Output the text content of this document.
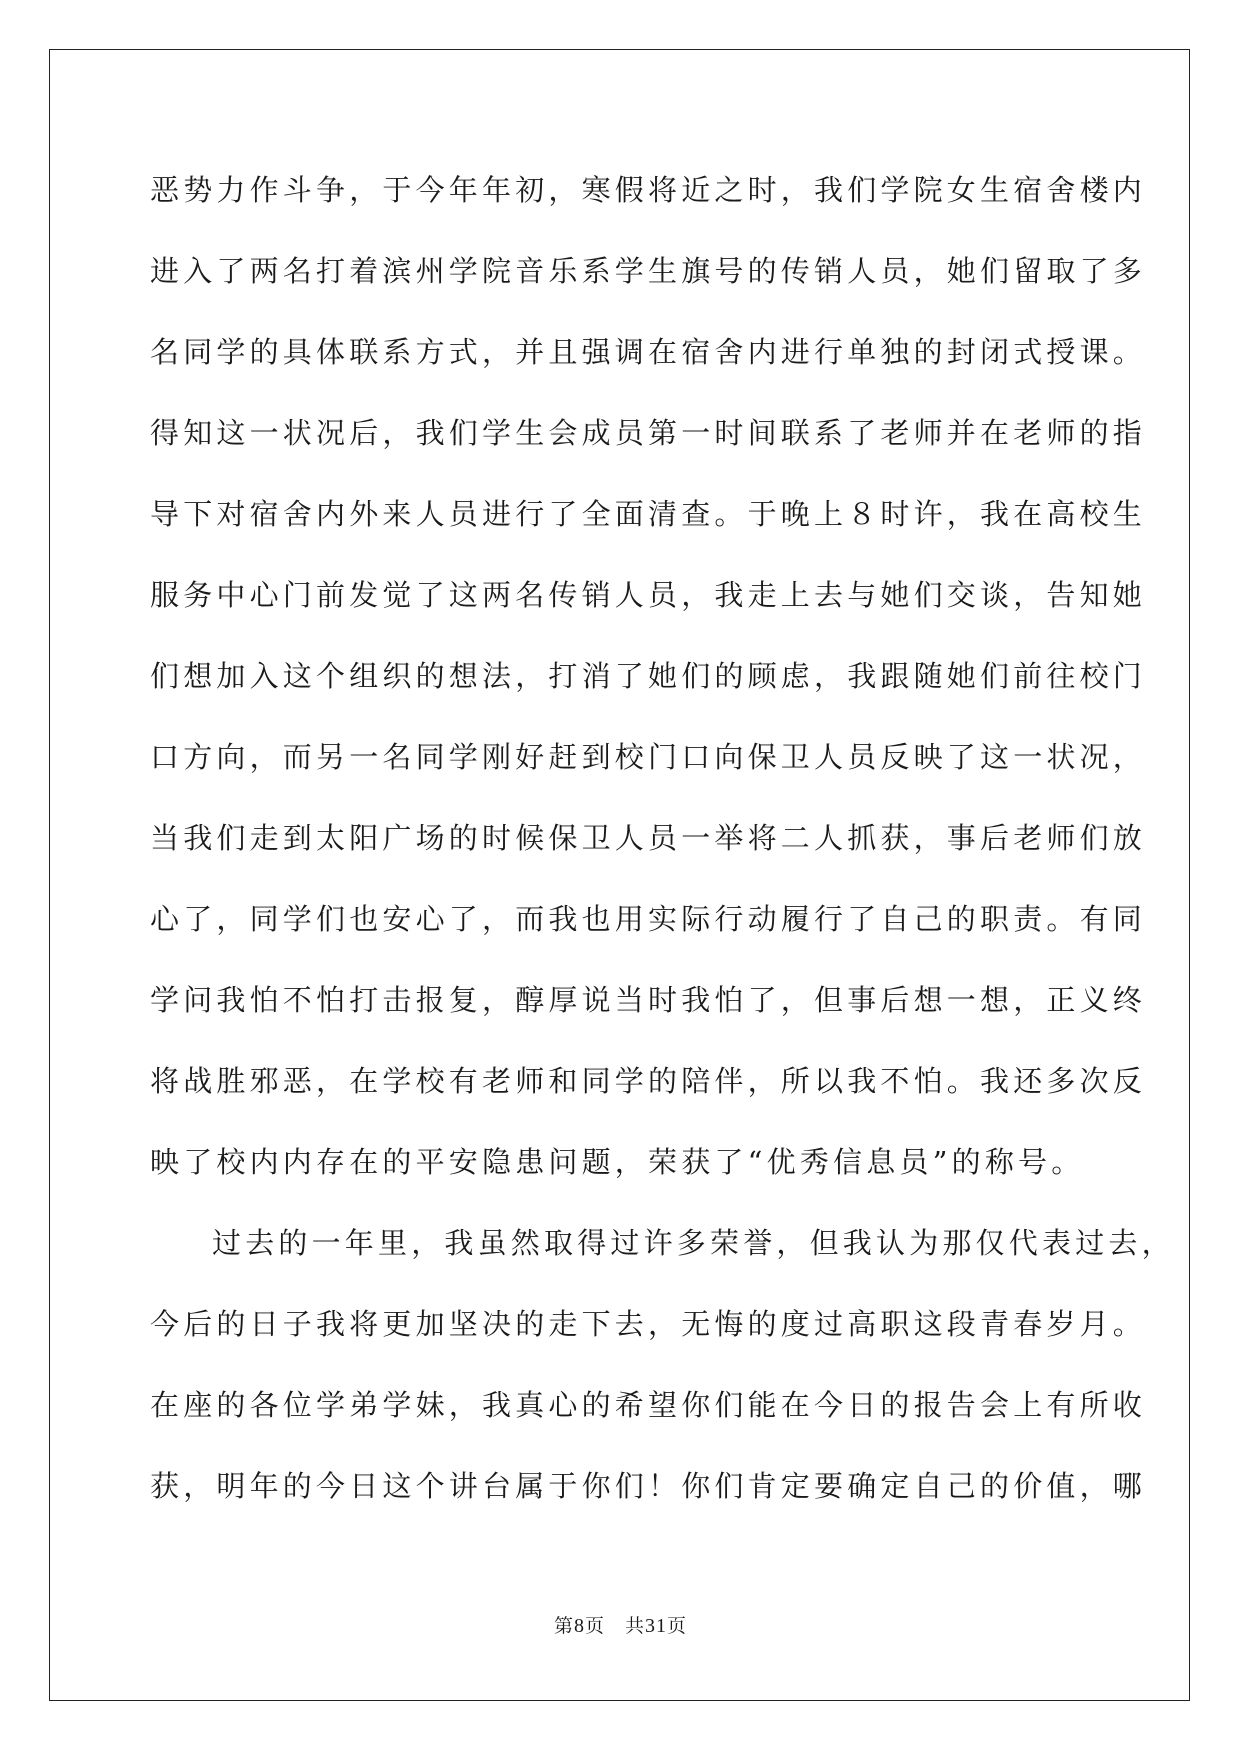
恶势力作斗争，于今年年初，寒假将近之时，我们学院女生宿舍楼内
进入了两名打着滨州学院音乐系学生旗号的传销人员，她们留取了多
名同学的具体联系方式，并且强调在宿舍内进行单独的封闭式授课。
得知这一状况后，我们学生会成员第一时间联系了老师并在老师的指
导下对宿舍内外来人员进行了全面清查。于晚上８时许，我在高校生
服务中心门前发觉了这两名传销人员，我走上去与她们交谈，告知她
们想加入这个组织的想法，打消了她们的顾虑，我跟随她们前往校门
口方向，而另一名同学刚好赶到校门口向保卫人员反映了这一状况，
当我们走到太阳广场的时候保卫人员一举将二人抓获，事后老师们放
心了，同学们也安心了，而我也用实际行动履行了自己的职责。有同
学问我怕不怕打击报复，醇厚说当时我怕了，但事后想一想，正义终
将战胜邪恶，在学校有老师和同学的陪伴，所以我不怕。我还多次反
映了校内内存在的平安隐患问题，荣获了“优秀信息员”的称号。
过去的一年里，我虽然取得过许多荣誉，但我认为那仅代表过去，
今后的日子我将更加坚决的走下去，无悔的度过高职这段青春岁月。
在座的各位学弟学妹，我真心的希望你们能在今日的报告会上有所收
获，明年的今日这个讲台属于你们！你们肯定要确定自己的价值，哪
第8页 共31页
